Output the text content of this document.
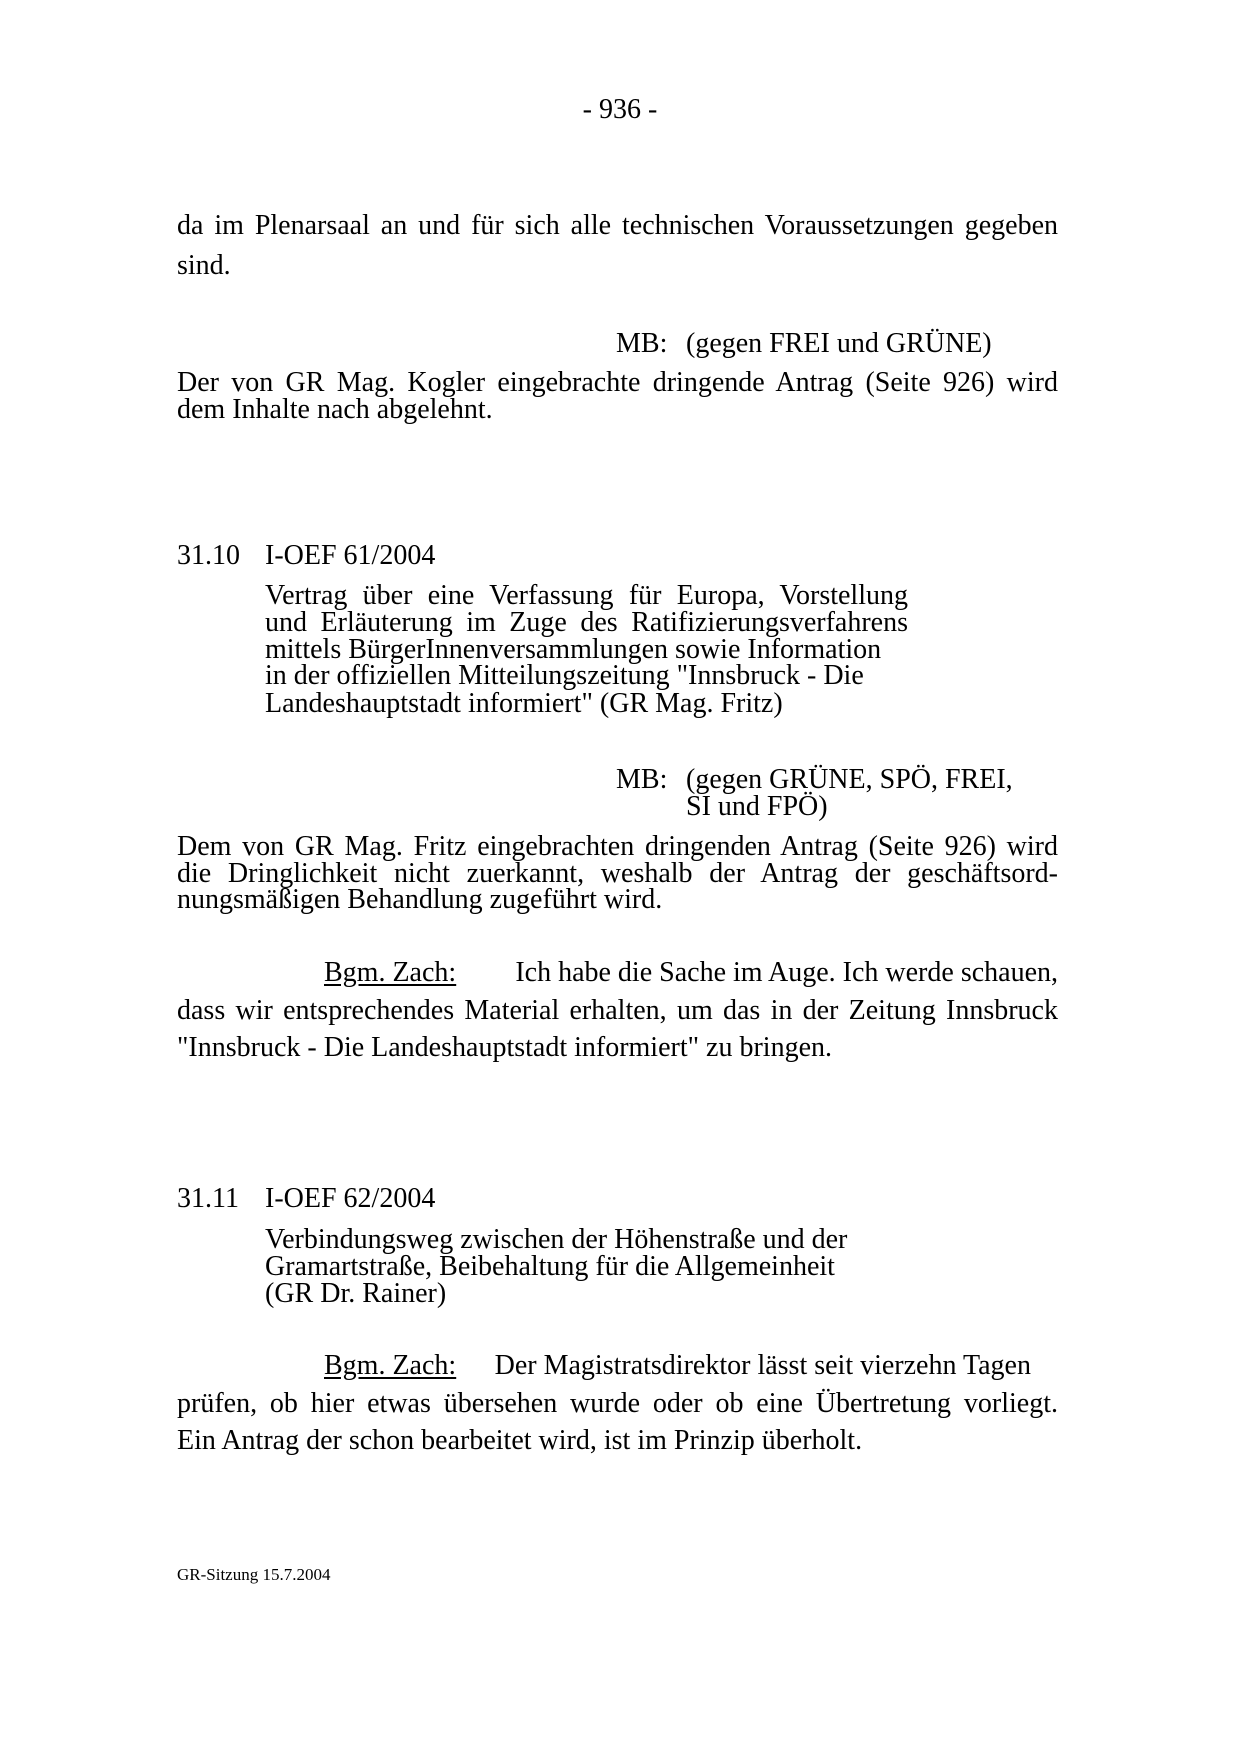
- 936 -
da im Plenarsaal an und für sich alle technischen Voraussetzungen gegeben
sind.
MB: (gegen FREI und GRÜNE)
Der von GR Mag. Kogler eingebrachte dringende Antrag (Seite 926) wird
dem Inhalte nach abgelehnt.
31.10 I-OEF 61/2004
Vertrag über eine Verfassung für Europa, Vorstellung
und Erläuterung im Zuge des Ratifizierungsverfahrens
mittels BürgerInnenversammlungen sowie Information
in der offiziellen Mitteilungszeitung "Innsbruck - Die
Landeshauptstadt informiert" (GR Mag. Fritz)
MB: (gegen GRÜNE, SPÖ, FREI,
SI und FPÖ)
Dem von GR Mag. Fritz eingebrachten dringenden Antrag (Seite 926) wird
die Dringlichkeit nicht zuerkannt, weshalb der Antrag der geschäftsord-
nungsmäßigen Behandlung zugeführt wird.
Bgm. Zach: Ich habe die Sache im Auge. Ich werde schauen,
dass wir entsprechendes Material erhalten, um das in der Zeitung Innsbruck
"Innsbruck - Die Landeshauptstadt informiert" zu bringen.
31.11 I-OEF 62/2004
Verbindungsweg zwischen der Höhenstraße und der
Gramartstraße, Beibehaltung für die Allgemeinheit
(GR Dr. Rainer)
Bgm. Zach: Der Magistratsdirektor lässt seit vierzehn Tagen
prüfen, ob hier etwas übersehen wurde oder ob eine Übertretung vorliegt.
Ein Antrag der schon bearbeitet wird, ist im Prinzip überholt.
GR-Sitzung 15.7.2004
